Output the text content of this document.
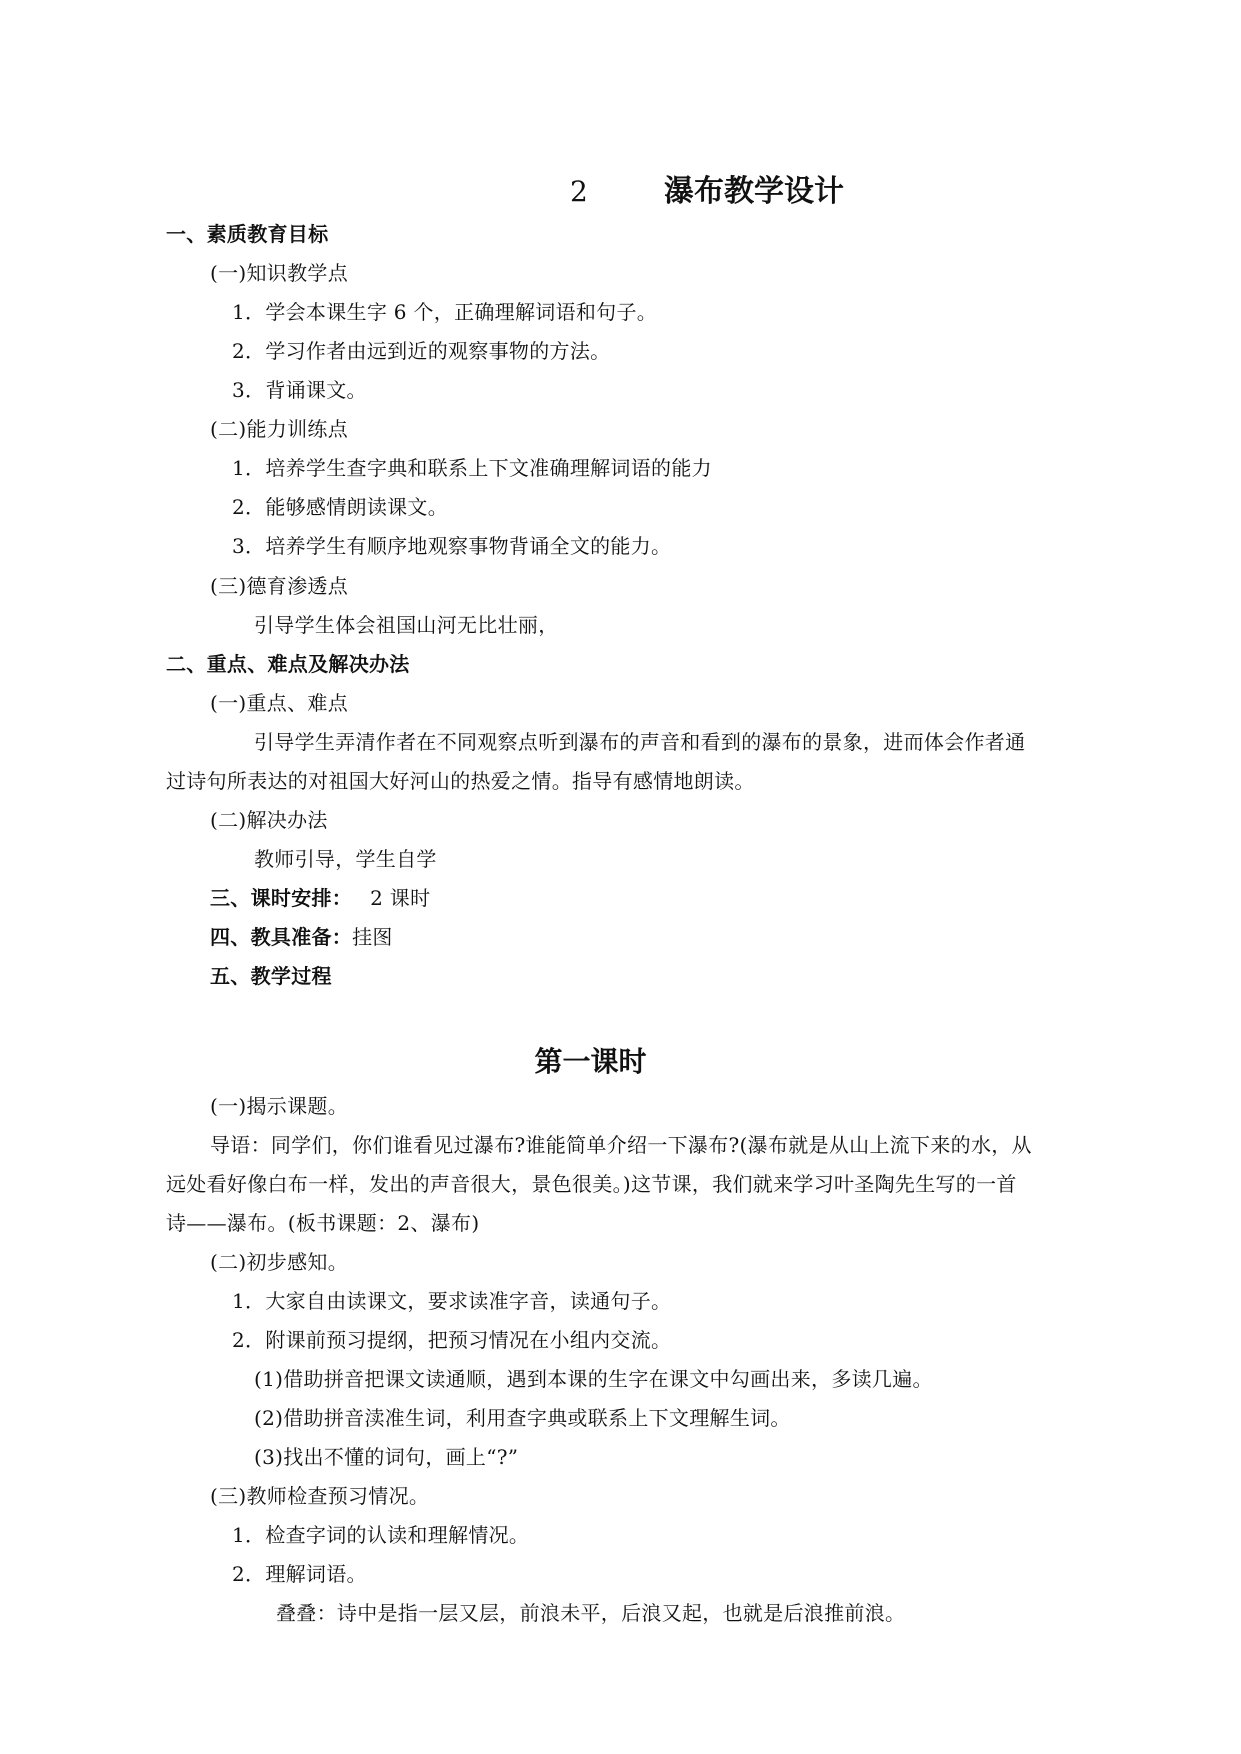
2	瀑布教学设计
一、素质教育目标
(一)知识教学点
1．学会本课生字 6 个，正确理解词语和句子。
2．学习作者由远到近的观察事物的方法。
3．背诵课文。
(二)能力训练点
1．培养学生查字典和联系上下文准确理解词语的能力
2．能够感情朗读课文。
3．培养学生有顺序地观察事物背诵全文的能力。
(三)德育渗透点
引导学生体会祖国山河无比壮丽，
二、重点、难点及解决办法
(一)重点、难点
引导学生弄清作者在不同观察点听到瀑布的声音和看到的瀑布的景象，进而体会作者通
过诗句所表达的对祖国大好河山的热爱之情。指导有感情地朗读。
(二)解决办法
教师引导，学生自学
三、课时安排： 2 课时
四、教具准备：挂图
五、教学过程
第一课时
(一)揭示课题。
导语：同学们，你们谁看见过瀑布?谁能简单介绍一下瀑布?(瀑布就是从山上流下来的水，从
远处看好像白布一样，发出的声音很大，景色很美。)这节课，我们就来学习叶圣陶先生写的一首
诗——瀑布。(板书课题：2、瀑布)
(二)初步感知。
1．大家自由读课文，要求读准字音，读通句子。
2．附课前预习提纲，把预习情况在小组内交流。
(1)借助拼音把课文读通顺，遇到本课的生字在课文中勾画出来，多读几遍。
(2)借助拼音渎准生词，利用查字典或联系上下文理解生词。
(3)找出不懂的词句，画上“?”
(三)教师检查预习情况。
1．检查字词的认读和理解情况。
2．理解词语。
叠叠：诗中是指一层又层，前浪未平，后浪又起，也就是后浪推前浪。
